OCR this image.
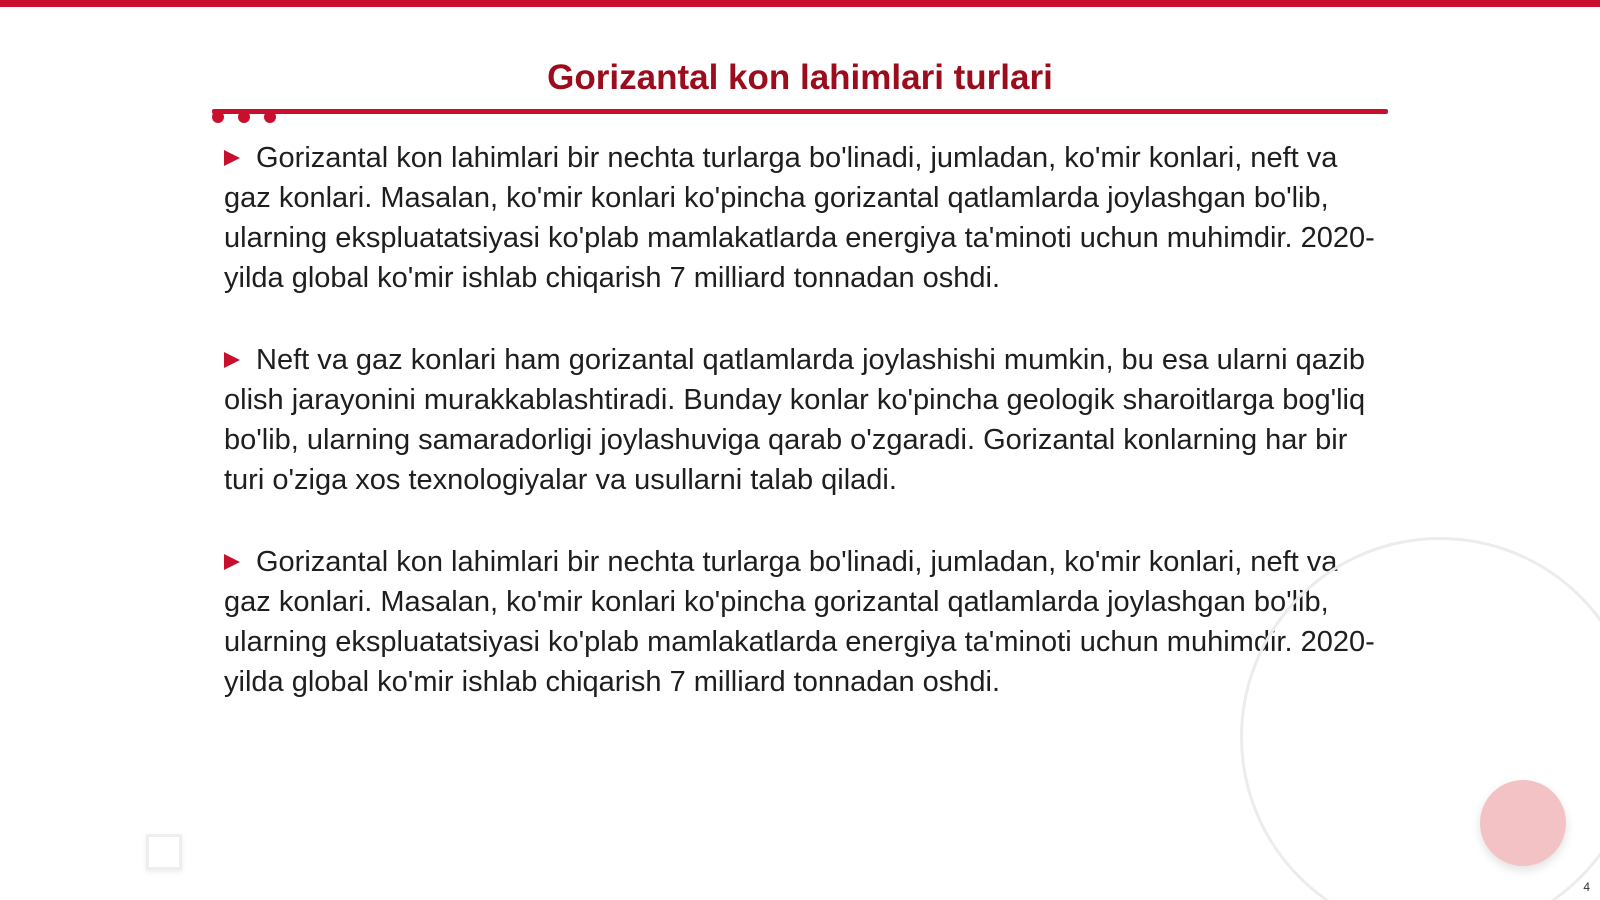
Gorizantal kon lahimlari turlari
Gorizantal kon lahimlari bir nechta turlarga bo'linadi, jumladan, ko'mir konlari, neft va gaz konlari. Masalan, ko'mir konlari ko'pincha gorizantal qatlamlarda joylashgan bo'lib, ularning ekspluatatsiyasi ko'plab mamlakatlarda energiya ta'minoti uchun muhimdir. 2020-yilda global ko'mir ishlab chiqarish 7 milliard tonnadan oshdi.
Neft va gaz konlari ham gorizantal qatlamlarda joylashishi mumkin, bu esa ularni qazib olish jarayonini murakkablashtiradi. Bunday konlar ko'pincha geologik sharoitlarga bog'liq bo'lib, ularning samaradorligi joylashuviga qarab o'zgaradi. Gorizantal konlarning har bir turi o'ziga xos texnologiyalar va usullarni talab qiladi.
Gorizantal kon lahimlari bir nechta turlarga bo'linadi, jumladan, ko'mir konlari, neft va gaz konlari. Masalan, ko'mir konlari ko'pincha gorizantal qatlamlarda joylashgan bo'lib, ularning ekspluatatsiyasi ko'plab mamlakatlarda energiya ta'minoti uchun muhimdir. 2020-yilda global ko'mir ishlab chiqarish 7 milliard tonnadan oshdi.
4
